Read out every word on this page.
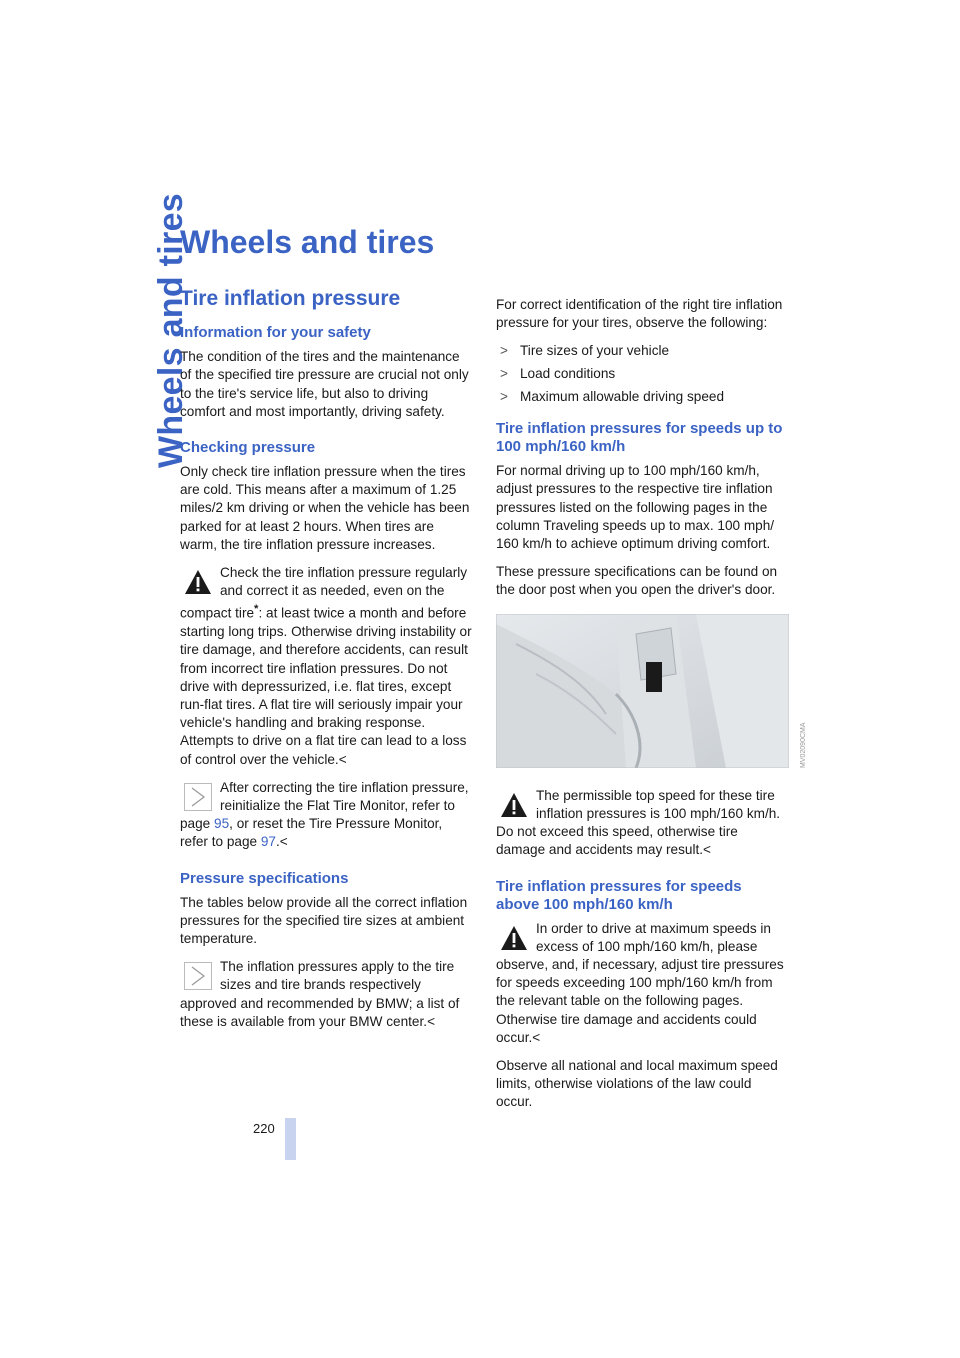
Wheels and tires
Wheels and tires
Tire inflation pressure
Information for your safety

The condition of the tires and the maintenance of the specified tire pressure are crucial not only to the tire's service life, but also to driving comfort and most importantly, driving safety.

Checking pressure

Only check tire inflation pressure when the tires are cold. This means after a maximum of 1.25 miles/2 km driving or when the vehicle has been parked for at least 2 hours. When tires are warm, the tire inflation pressure increases.

Check the tire inflation pressure regularly and correct it as needed, even on the compact tire*: at least twice a month and before starting long trips. Otherwise driving instability or tire damage, and therefore accidents, can result from incorrect tire inflation pressures. Do not drive with depressurized, i.e. flat tires, except run-flat tires. A flat tire will seriously impair your vehicle's handling and braking response. Attempts to drive on a flat tire can lead to a loss of control over the vehicle.<

After correcting the tire inflation pressure, reinitialize the Flat Tire Monitor, refer to page 95, or reset the Tire Pressure Monitor, refer to page 97.<

Pressure specifications

The tables below provide all the correct inflation pressures for the specified tire sizes at ambient temperature.

The inflation pressures apply to the tire sizes and tire brands respectively approved and recommended by BMW; a list of these is available from your BMW center.<

For correct identification of the right tire inflation pressure for your tires, observe the following:

> Tire sizes of your vehicle
> Load conditions
> Maximum allowable driving speed
Tire inflation pressures for speeds up to 100 mph/160 km/h

For normal driving up to 100 mph/160 km/h, adjust pressures to the respective tire inflation pressures listed on the following pages in the column Traveling speeds up to max. 100 mph/ 160 km/h to achieve optimum driving comfort.

These pressure specifications can be found on the door post when you open the driver's door.

The permissible top speed for these tire inflation pressures is 100 mph/160 km/h. Do not exceed this speed, otherwise tire damage and accidents may result.<

Tire inflation pressures for speeds above 100 mph/160 km/h

In order to drive at maximum speeds in excess of 100 mph/160 km/h, please observe, and, if necessary, adjust tire pressures for speeds exceeding 100 mph/160 km/h from the relevant table on the following pages. Otherwise tire damage and accidents could occur.<

Observe all national and local maximum speed limits, otherwise violations of the law could occur.

MV02090CMA
220
